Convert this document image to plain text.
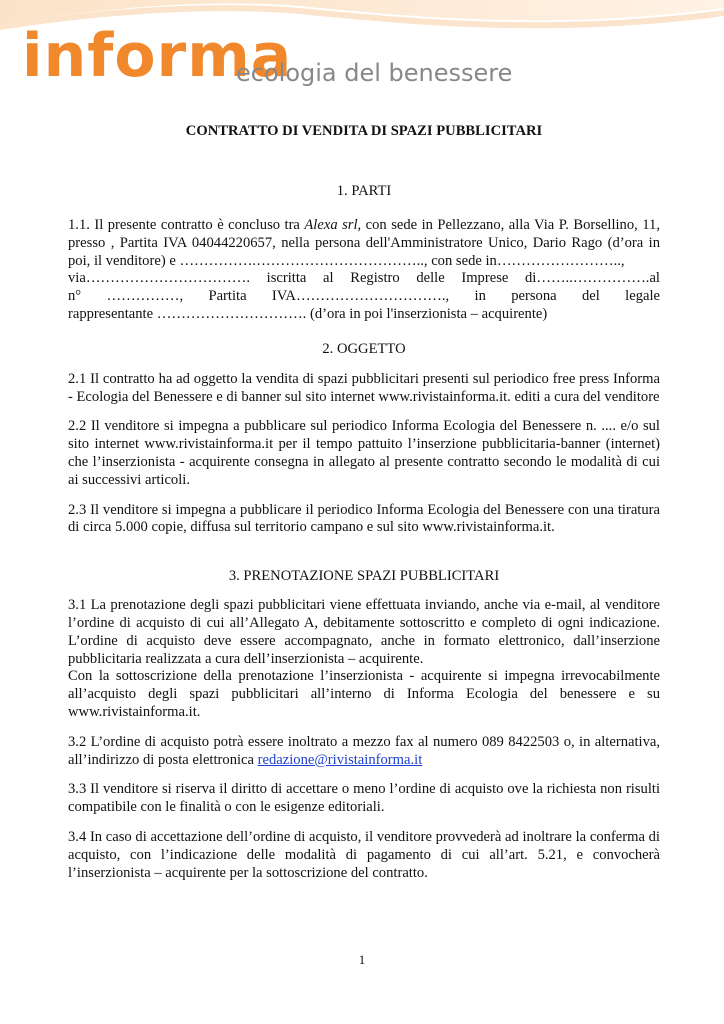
informa
ecologia del benessere
CONTRATTO DI VENDITA DI SPAZI PUBBLICITARI
1. PARTI

1.1. Il presente contratto è concluso tra Alexa srl, con sede in Pellezzano, alla Via P. Borsellino, 11, presso , Partita IVA 04044220657, nella persona dell'Amministratore Unico, Dario Rago (d’ora in poi, il venditore) e …………….…………………………….., con sede in……………………..,

via……………………………. iscritta al Registro delle Imprese di……..…………….al

n° ……………, Partita IVA…………………………., in persona del legale

rappresentante …………………………. (d’ora in poi l'inserzionista – acquirente)

2. OGGETTO

2.1 Il contratto ha ad oggetto la vendita di spazi pubblicitari presenti sul periodico free press Informa - Ecologia del Benessere e di banner sul sito internet www.rivistainforma.it. editi a cura del venditore

2.2 Il venditore si impegna a pubblicare sul periodico Informa Ecologia del Benessere n. .... e/o sul sito internet www.rivistainforma.it per il tempo pattuito l’inserzione pubblicitaria-banner (internet) che l’inserzionista - acquirente consegna in allegato al presente contratto secondo le modalità di cui ai successivi articoli.

2.3 Il venditore si impegna a pubblicare il periodico Informa Ecologia del Benessere con una tiratura di circa 5.000 copie, diffusa sul territorio campano e sul sito www.rivistainforma.it.

3. PRENOTAZIONE SPAZI PUBBLICITARI

3.1 La prenotazione degli spazi pubblicitari viene effettuata inviando, anche via e-mail, al venditore l’ordine di acquisto di cui all’Allegato A, debitamente sottoscritto e completo di ogni indicazione. L’ordine di acquisto deve essere accompagnato, anche in formato elettronico, dall’inserzione pubblicitaria realizzata a cura dell’inserzionista – acquirente.

Con la sottoscrizione della prenotazione l’inserzionista - acquirente si impegna irrevocabilmente all’acquisto degli spazi pubblicitari all’interno di Informa Ecologia del benessere e su www.rivistainforma.it.

3.2 L’ordine di acquisto potrà essere inoltrato a mezzo fax al numero 089 8422503 o, in alternativa, all’indirizzo di posta elettronica redazione@rivistainforma.it

3.3 Il venditore si riserva il diritto di accettare o meno l’ordine di acquisto ove la richiesta non risulti compatibile con le finalità o con le esigenze editoriali.

3.4 In caso di accettazione dell’ordine di acquisto, il venditore provvederà ad inoltrare la conferma di acquisto, con l’indicazione delle modalità di pagamento di cui all’art. 5.21, e convocherà l’inserzionista – acquirente per la sottoscrizione del contratto.

1
